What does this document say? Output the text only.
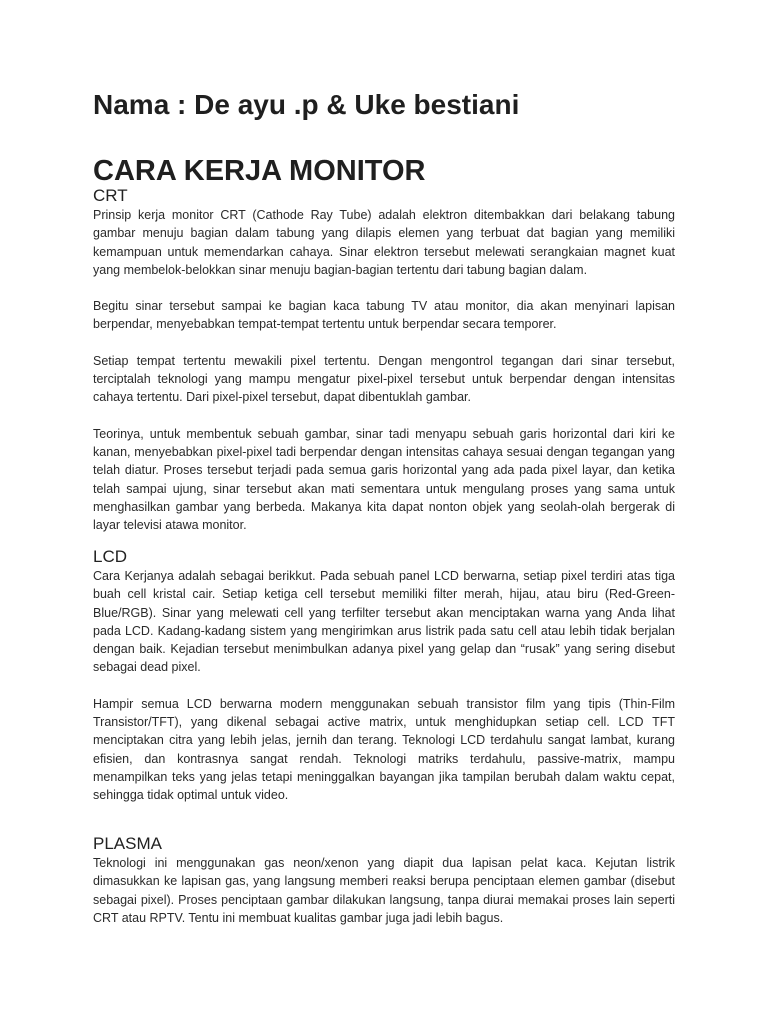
Nama : De ayu .p & Uke bestiani
CARA KERJA MONITOR
CRT

Prinsip kerja monitor CRT (Cathode Ray Tube) adalah elektron ditembakkan dari belakang tabung gambar menuju bagian dalam tabung yang dilapis elemen yang terbuat dat bagian yang memiliki kemampuan untuk memendarkan cahaya. Sinar elektron tersebut melewati serangkaian magnet kuat yang membelok-belokkan sinar menuju bagian-bagian tertentu dari tabung bagian dalam.

Begitu sinar tersebut sampai ke bagian kaca tabung TV atau monitor, dia akan menyinari lapisan berpendar, menyebabkan tempat-tempat tertentu untuk berpendar secara temporer.

Setiap tempat tertentu mewakili pixel tertentu. Dengan mengontrol tegangan dari sinar tersebut, terciptalah teknologi yang mampu mengatur pixel-pixel tersebut untuk berpendar dengan intensitas cahaya tertentu. Dari pixel-pixel tersebut, dapat dibentuklah gambar.

Teorinya, untuk membentuk sebuah gambar, sinar tadi menyapu sebuah garis horizontal dari kiri ke kanan, menyebabkan pixel-pixel tadi berpendar dengan intensitas cahaya sesuai dengan tegangan yang telah diatur. Proses tersebut terjadi pada semua garis horizontal yang ada pada pixel layar, dan ketika telah sampai ujung, sinar tersebut akan mati sementara untuk mengulang proses yang sama untuk menghasilkan gambar yang berbeda. Makanya kita dapat nonton objek yang seolah-olah bergerak di layar televisi atawa monitor.

LCD

Cara Kerjanya adalah sebagai berikkut. Pada sebuah panel LCD berwarna, setiap pixel terdiri atas tiga buah cell kristal cair. Setiap ketiga cell tersebut memiliki filter merah, hijau, atau biru (Red-Green-Blue/RGB). Sinar yang melewati cell yang terfilter tersebut akan menciptakan warna yang Anda lihat pada LCD. Kadang-kadang sistem yang mengirimkan arus listrik pada satu cell atau lebih tidak berjalan dengan baik. Kejadian tersebut menimbulkan adanya pixel yang gelap dan “rusak” yang sering disebut sebagai dead pixel.

Hampir semua LCD berwarna modern menggunakan sebuah transistor film yang tipis (Thin-Film Transistor/TFT), yang dikenal sebagai active matrix, untuk menghidupkan setiap cell. LCD TFT menciptakan citra yang lebih jelas, jernih dan terang. Teknologi LCD terdahulu sangat lambat, kurang efisien, dan kontrasnya sangat rendah. Teknologi matriks terdahulu, passive-matrix, mampu menampilkan teks yang jelas tetapi meninggalkan bayangan jika tampilan berubah dalam waktu cepat, sehingga tidak optimal untuk video.

PLASMA

Teknologi ini menggunakan gas neon/xenon yang diapit dua lapisan pelat kaca. Kejutan listrik dimasukkan ke lapisan gas, yang langsung memberi reaksi berupa penciptaan elemen gambar (disebut sebagai pixel). Proses penciptaan gambar dilakukan langsung, tanpa diurai memakai proses lain seperti CRT atau RPTV. Tentu ini membuat kualitas gambar juga jadi lebih bagus.
